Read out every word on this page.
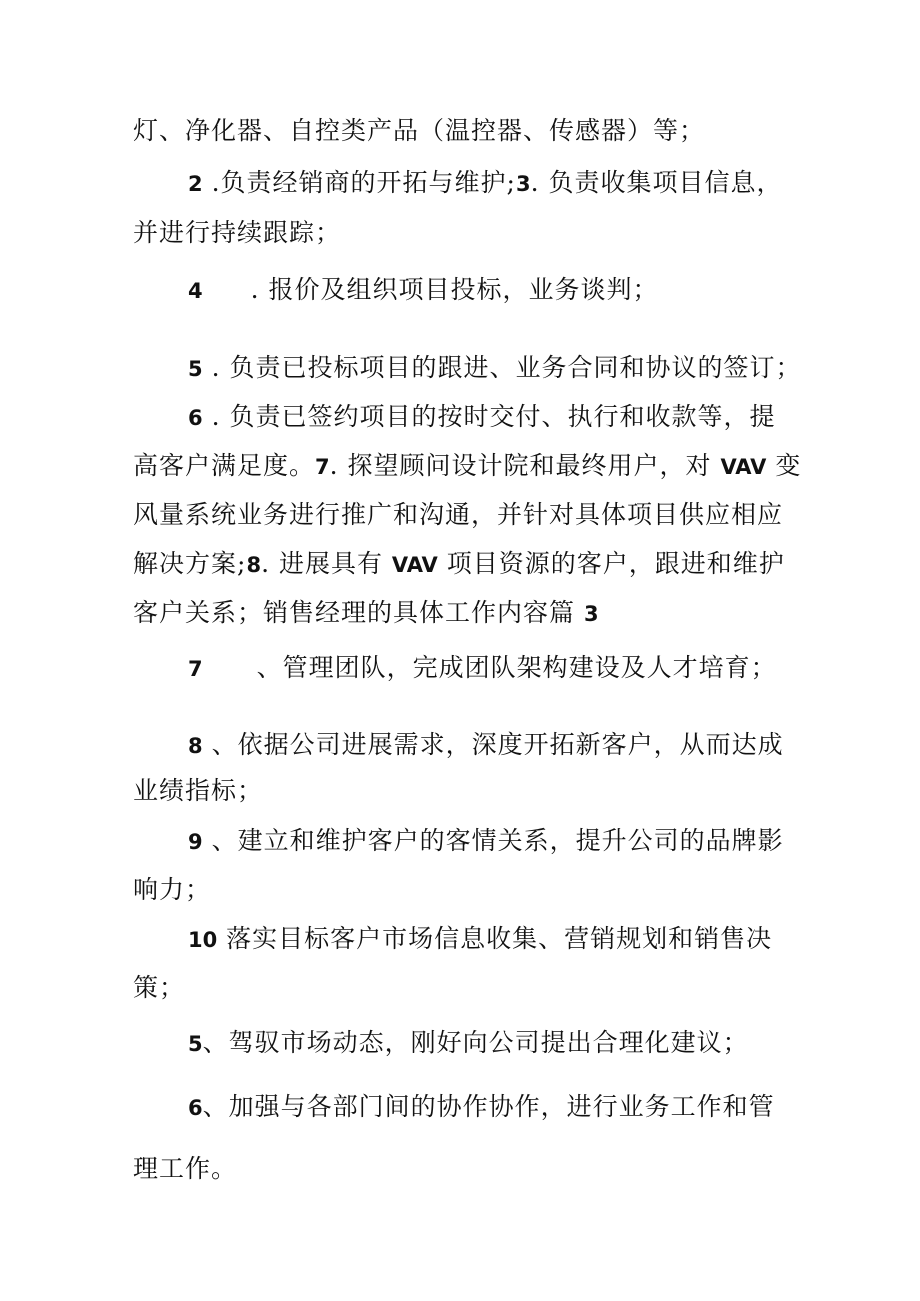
灯、净化器、自控类产品（温控器、传感器）等；
2 .负责经销商的开拓与维护;3. 负责收集项目信息，
并进行持续跟踪；
4 . 报价及组织项目投标，业务谈判；
5 . 负责已投标项目的跟进、业务合同和协议的签订；
6 . 负责已签约项目的按时交付、执行和收款等，提
高客户满足度。7. 探望顾问设计院和最终用户，对 VAV 变
风量系统业务进行推广和沟通，并针对具体项目供应相应
解决方案;8. 进展具有 VAV 项目资源的客户，跟进和维护
客户关系；销售经理的具体工作内容篇 3
7 、管理团队，完成团队架构建设及人才培育；
8 、依据公司进展需求，深度开拓新客户，从而达成
业绩指标；
9 、建立和维护客户的客情关系，提升公司的品牌影
响力；
10 落实目标客户市场信息收集、营销规划和销售决
策；
5、驾驭市场动态，刚好向公司提出合理化建议；
6、加强与各部门间的协作协作，进行业务工作和管
理工作。
